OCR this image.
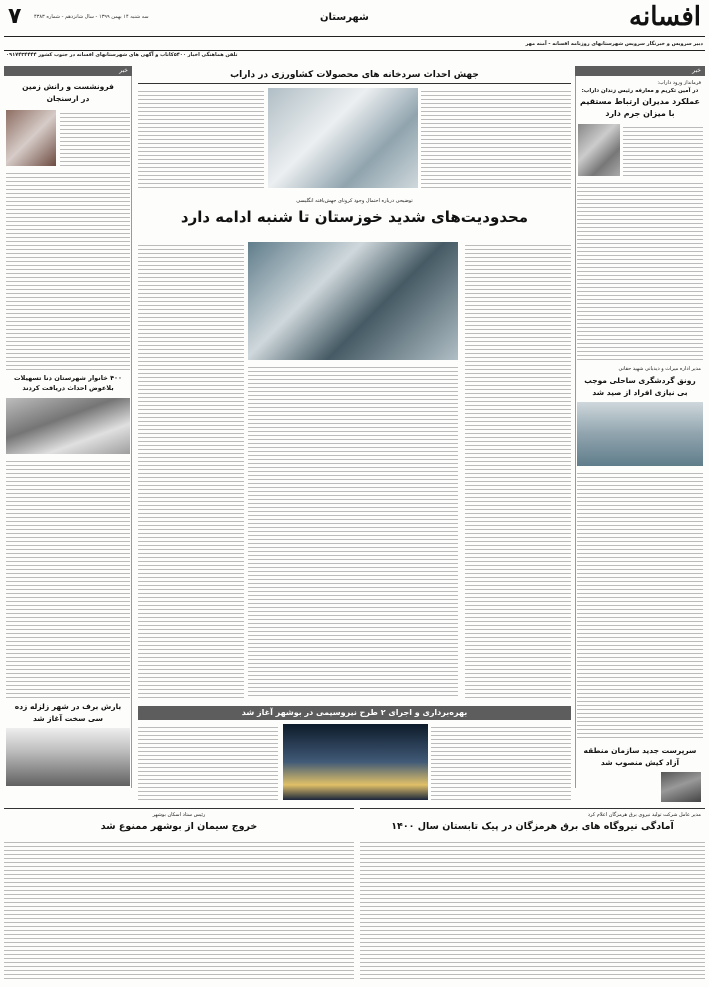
افسانه
شهرستان
۷	سه شنبه ۱۴ بهمن ۱۳۹۹ - سال شانزدهم - شماره ۴۳۸۳
دبیر سرویس و خبرنگار سرویس شهرستانهای روزنامه افسانه - آمنه مهر
تلفن هماهنگی اخبار ۵۴۰۰کاتاب و آگهی های شهرستانهای افسانه در جنوب کشور ۰۹۱۷۴۳۴۴۴۴
خبر
فرمانداز ورود داراب:
در آمین تکریم و معارفه رئیس زندان داراب:
عملکرد مدیران ارتباط مستقیم
با میزان جرم دارد
مدیر اداره میراث و دیدبانی شهید حقانی
رونق گردشگری ساحلی موجب
بی نیازی افراد از صید شد
سرپرست جدید سازمان منطقه
آزاد کیش منصوب شد
خبر
فرونشست و رانش زمین
در ارسنجان
۴۰۰ خانوار شهرستان دنا تسهیلات
بلاعوض احداث دریافت کردند
بارش برف در شهر زلزله زده
سی سخت آغاز شد
جهش احداث سردخانه های محصولات کشاورزی در داراب
توضیحی درباره احتمال وجود کرونای جهش‌یافته انگلیسی
محدودیت‌های شدید خوزستان تا شنبه ادامه دارد
بهره‌برداری و اجرای ۲ طرح نیروسیمی در بوشهر آغاز شد
مدیر عامل شرکت تولید نیروی برق هرمزگان اعلام کرد
آمادگی نیروگاه های برق هرمزگان در پیک تابستان سال ۱۴۰۰
رئیس ستاد اسکان بوشهر
خروج سیمان از بوشهر ممنوع شد
